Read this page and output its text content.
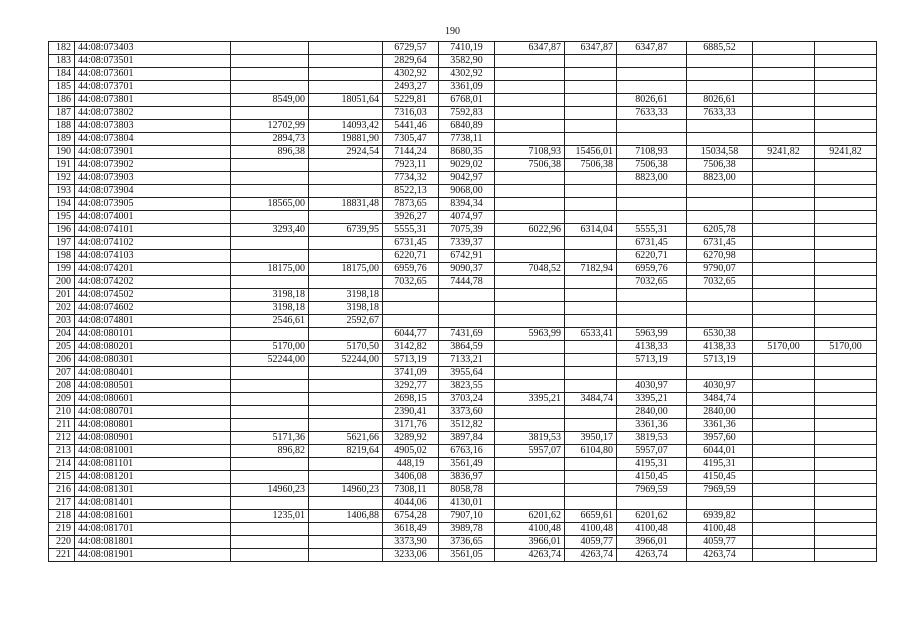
190
182	44:08:073403			6729,57	7410,19	6347,87	6347,87	6347,87	6885,52		
183	44:08:073501			2829,64	3582,90						
184	44:08:073601			4302,92	4302,92						
185	44:08:073701			2493,27	3361,09						
186	44:08:073801	8549,00	18051,64	5229,81	6768,01			8026,61	8026,61		
187	44:08:073802			7316,03	7592,83			7633,33	7633,33		
188	44:08:073803	12702,99	14093,42	5441,46	6840,89						
189	44:08:073804	2894,73	19881,90	7305,47	7738,11						
190	44:08:073901	896,38	2924,54	7144,24	8680,35	7108,93	15456,01	7108,93	15034,58	9241,82	9241,82
191	44:08:073902			7923,11	9029,02	7506,38	7506,38	7506,38	7506,38		
192	44:08:073903			7734,32	9042,97			8823,00	8823,00		
193	44:08:073904			8522,13	9068,00						
194	44:08:073905	18565,00	18831,48	7873,65	8394,34						
195	44:08:074001			3926,27	4074,97						
196	44:08:074101	3293,40	6739,95	5555,31	7075,39	6022,96	6314,04	5555,31	6205,78		
197	44:08:074102			6731,45	7339,37			6731,45	6731,45		
198	44:08:074103			6220,71	6742,91			6220,71	6270,98		
199	44:08:074201	18175,00	18175,00	6959,76	9090,37	7048,52	7182,94	6959,76	9790,07		
200	44:08:074202			7032,65	7444,78			7032,65	7032,65		
201	44:08:074502	3198,18	3198,18								
202	44:08:074602	3198,18	3198,18								
203	44:08:074801	2546,61	2592,67								
204	44:08:080101			6044,77	7431,69	5963,99	6533,41	5963,99	6530,38		
205	44:08:080201	5170,00	5170,50	3142,82	3864,59			4138,33	4138,33	5170,00	5170,00
206	44:08:080301	52244,00	52244,00	5713,19	7133,21			5713,19	5713,19		
207	44:08:080401			3741,09	3955,64						
208	44:08:080501			3292,77	3823,55			4030,97	4030,97		
209	44:08:080601			2698,15	3703,24	3395,21	3484,74	3395,21	3484,74		
210	44:08:080701			2390,41	3373,60			2840,00	2840,00		
211	44:08:080801			3171,76	3512,82			3361,36	3361,36		
212	44:08:080901	5171,36	5621,66	3289,92	3897,84	3819,53	3950,17	3819,53	3957,60		
213	44:08:081001	896,82	8219,64	4905,02	6763,16	5957,07	6104,80	5957,07	6044,01		
214	44:08:081101			448,19	3561,49			4195,31	4195,31		
215	44:08:081201			3406,08	3836,97			4150,45	4150,45		
216	44:08:081301	14960,23	14960,23	7308,11	8058,78			7969,59	7969,59		
217	44:08:081401			4044,06	4130,01						
218	44:08:081601	1235,01	1406,88	6754,28	7907,10	6201,62	6659,61	6201,62	6939,82		
219	44:08:081701			3618,49	3989,78	4100,48	4100,48	4100,48	4100,48		
220	44:08:081801			3373,90	3736,65	3966,01	4059,77	3966,01	4059,77		
221	44:08:081901			3233,06	3561,05	4263,74	4263,74	4263,74	4263,74		
